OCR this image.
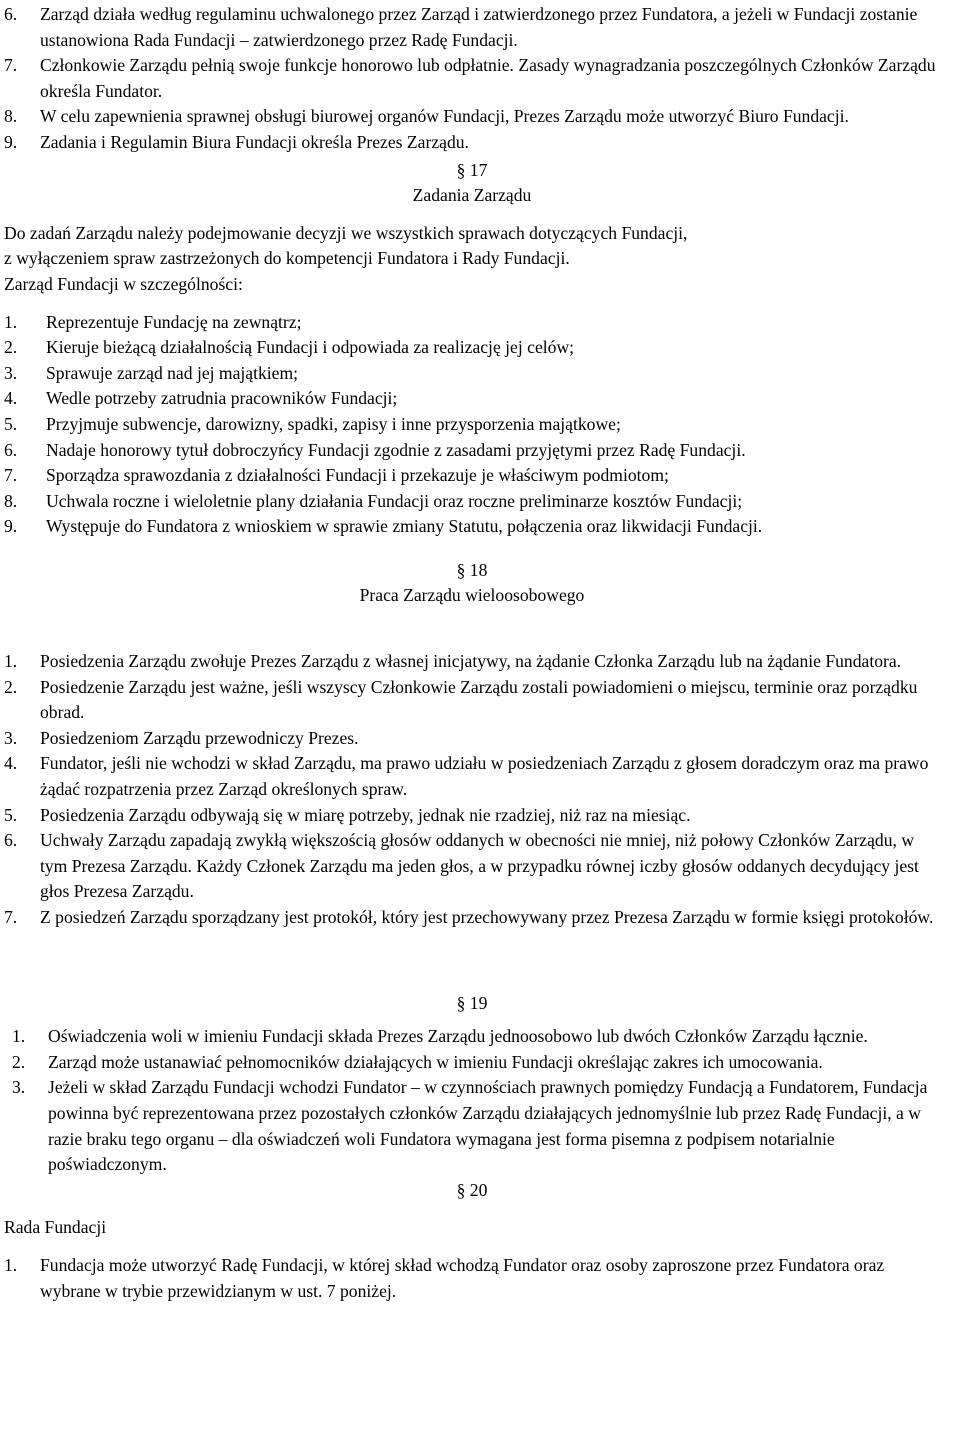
6.	Zarząd działa według regulaminu uchwalonego przez Zarząd i zatwierdzonego przez Fundatora, a jeżeli w Fundacji zostanie ustanowiona Rada Fundacji – zatwierdzonego przez Radę Fundacji.
7.	Członkowie Zarządu pełnią swoje funkcje honorowo lub odpłatnie. Zasady wynagradzania poszczególnych Członków Zarządu określa Fundator.
8.	W celu zapewnienia sprawnej obsługi biurowej organów Fundacji, Prezes Zarządu może utworzyć Biuro Fundacji.
9.	Zadania i Regulamin Biura Fundacji określa Prezes Zarządu.
§ 17
Zadania Zarządu
Do zadań Zarządu należy podejmowanie decyzji we wszystkich sprawach dotyczących Fundacji,
z wyłączeniem spraw zastrzeżonych do kompetencji Fundatora i Rady Fundacji.
Zarząd Fundacji w szczególności:
1.	Reprezentuje Fundację na zewnątrz;
2.	Kieruje bieżącą działalnością Fundacji i odpowiada za realizację jej celów;
3.	Sprawuje zarząd nad jej majątkiem;
4.	Wedle potrzeby zatrudnia pracowników Fundacji;
5.	Przyjmuje subwencje, darowizny, spadki, zapisy i inne przysporzenia majątkowe;
6.	Nadaje honorowy tytuł dobroczyńcy Fundacji zgodnie z zasadami przyjętymi przez Radę Fundacji.
7.	Sporządza sprawozdania z działalności Fundacji i przekazuje je właściwym podmiotom;
8.	Uchwala roczne i wieloletnie plany działania Fundacji oraz roczne preliminarze kosztów Fundacji;
9.	Występuje do Fundatora z wnioskiem w sprawie zmiany Statutu, połączenia oraz likwidacji Fundacji.
§ 18
Praca Zarządu wieloosobowego
1.	Posiedzenia Zarządu zwołuje Prezes Zarządu z własnej inicjatywy, na żądanie Członka Zarządu lub na żądanie Fundatora.
2.	Posiedzenie Zarządu jest ważne, jeśli wszyscy Członkowie Zarządu zostali powiadomieni o miejscu, terminie oraz porządku obrad.
3.	Posiedzeniom Zarządu przewodniczy Prezes.
4.	Fundator, jeśli nie wchodzi w skład Zarządu, ma prawo udziału w posiedzeniach Zarządu z głosem doradczym oraz ma prawo żądać rozpatrzenia przez Zarząd określonych spraw.
5.	Posiedzenia Zarządu odbywają się w miarę potrzeby, jednak nie rzadziej, niż raz na miesiąc.
6.	Uchwały Zarządu zapadają zwykłą większością głosów oddanych w obecności nie mniej, niż połowy Członków Zarządu, w tym Prezesa Zarządu. Każdy Członek Zarządu ma jeden głos, a w przypadku równej iczby głosów oddanych decydujący jest głos Prezesa Zarządu.
7.	Z posiedzeń Zarządu sporządzany jest protokół, który jest przechowywany przez Prezesa Zarządu w formie księgi protokołów.
§ 19
1.	Oświadczenia woli w imieniu Fundacji składa Prezes Zarządu jednoosobowo lub dwóch Członków Zarządu łącznie.
2.	Zarząd może ustanawiać pełnomocników działających w imieniu Fundacji określając zakres ich umocowania.
3.	Jeżeli w skład Zarządu Fundacji wchodzi Fundator – w czynnościach prawnych pomiędzy Fundacją a Fundatorem, Fundacja powinna być reprezentowana przez pozostałych członków Zarządu działających jednomyślnie lub przez Radę Fundacji, a w razie braku tego organu – dla oświadczeń woli Fundatora wymagana jest forma pisemna z podpisem notarialnie poświadczonym.
§ 20
Rada Fundacji
1.	Fundacja może utworzyć Radę Fundacji, w której skład wchodzą Fundator oraz osoby zaproszone przez Fundatora oraz wybrane w trybie przewidzianym w ust. 7 poniżej.
